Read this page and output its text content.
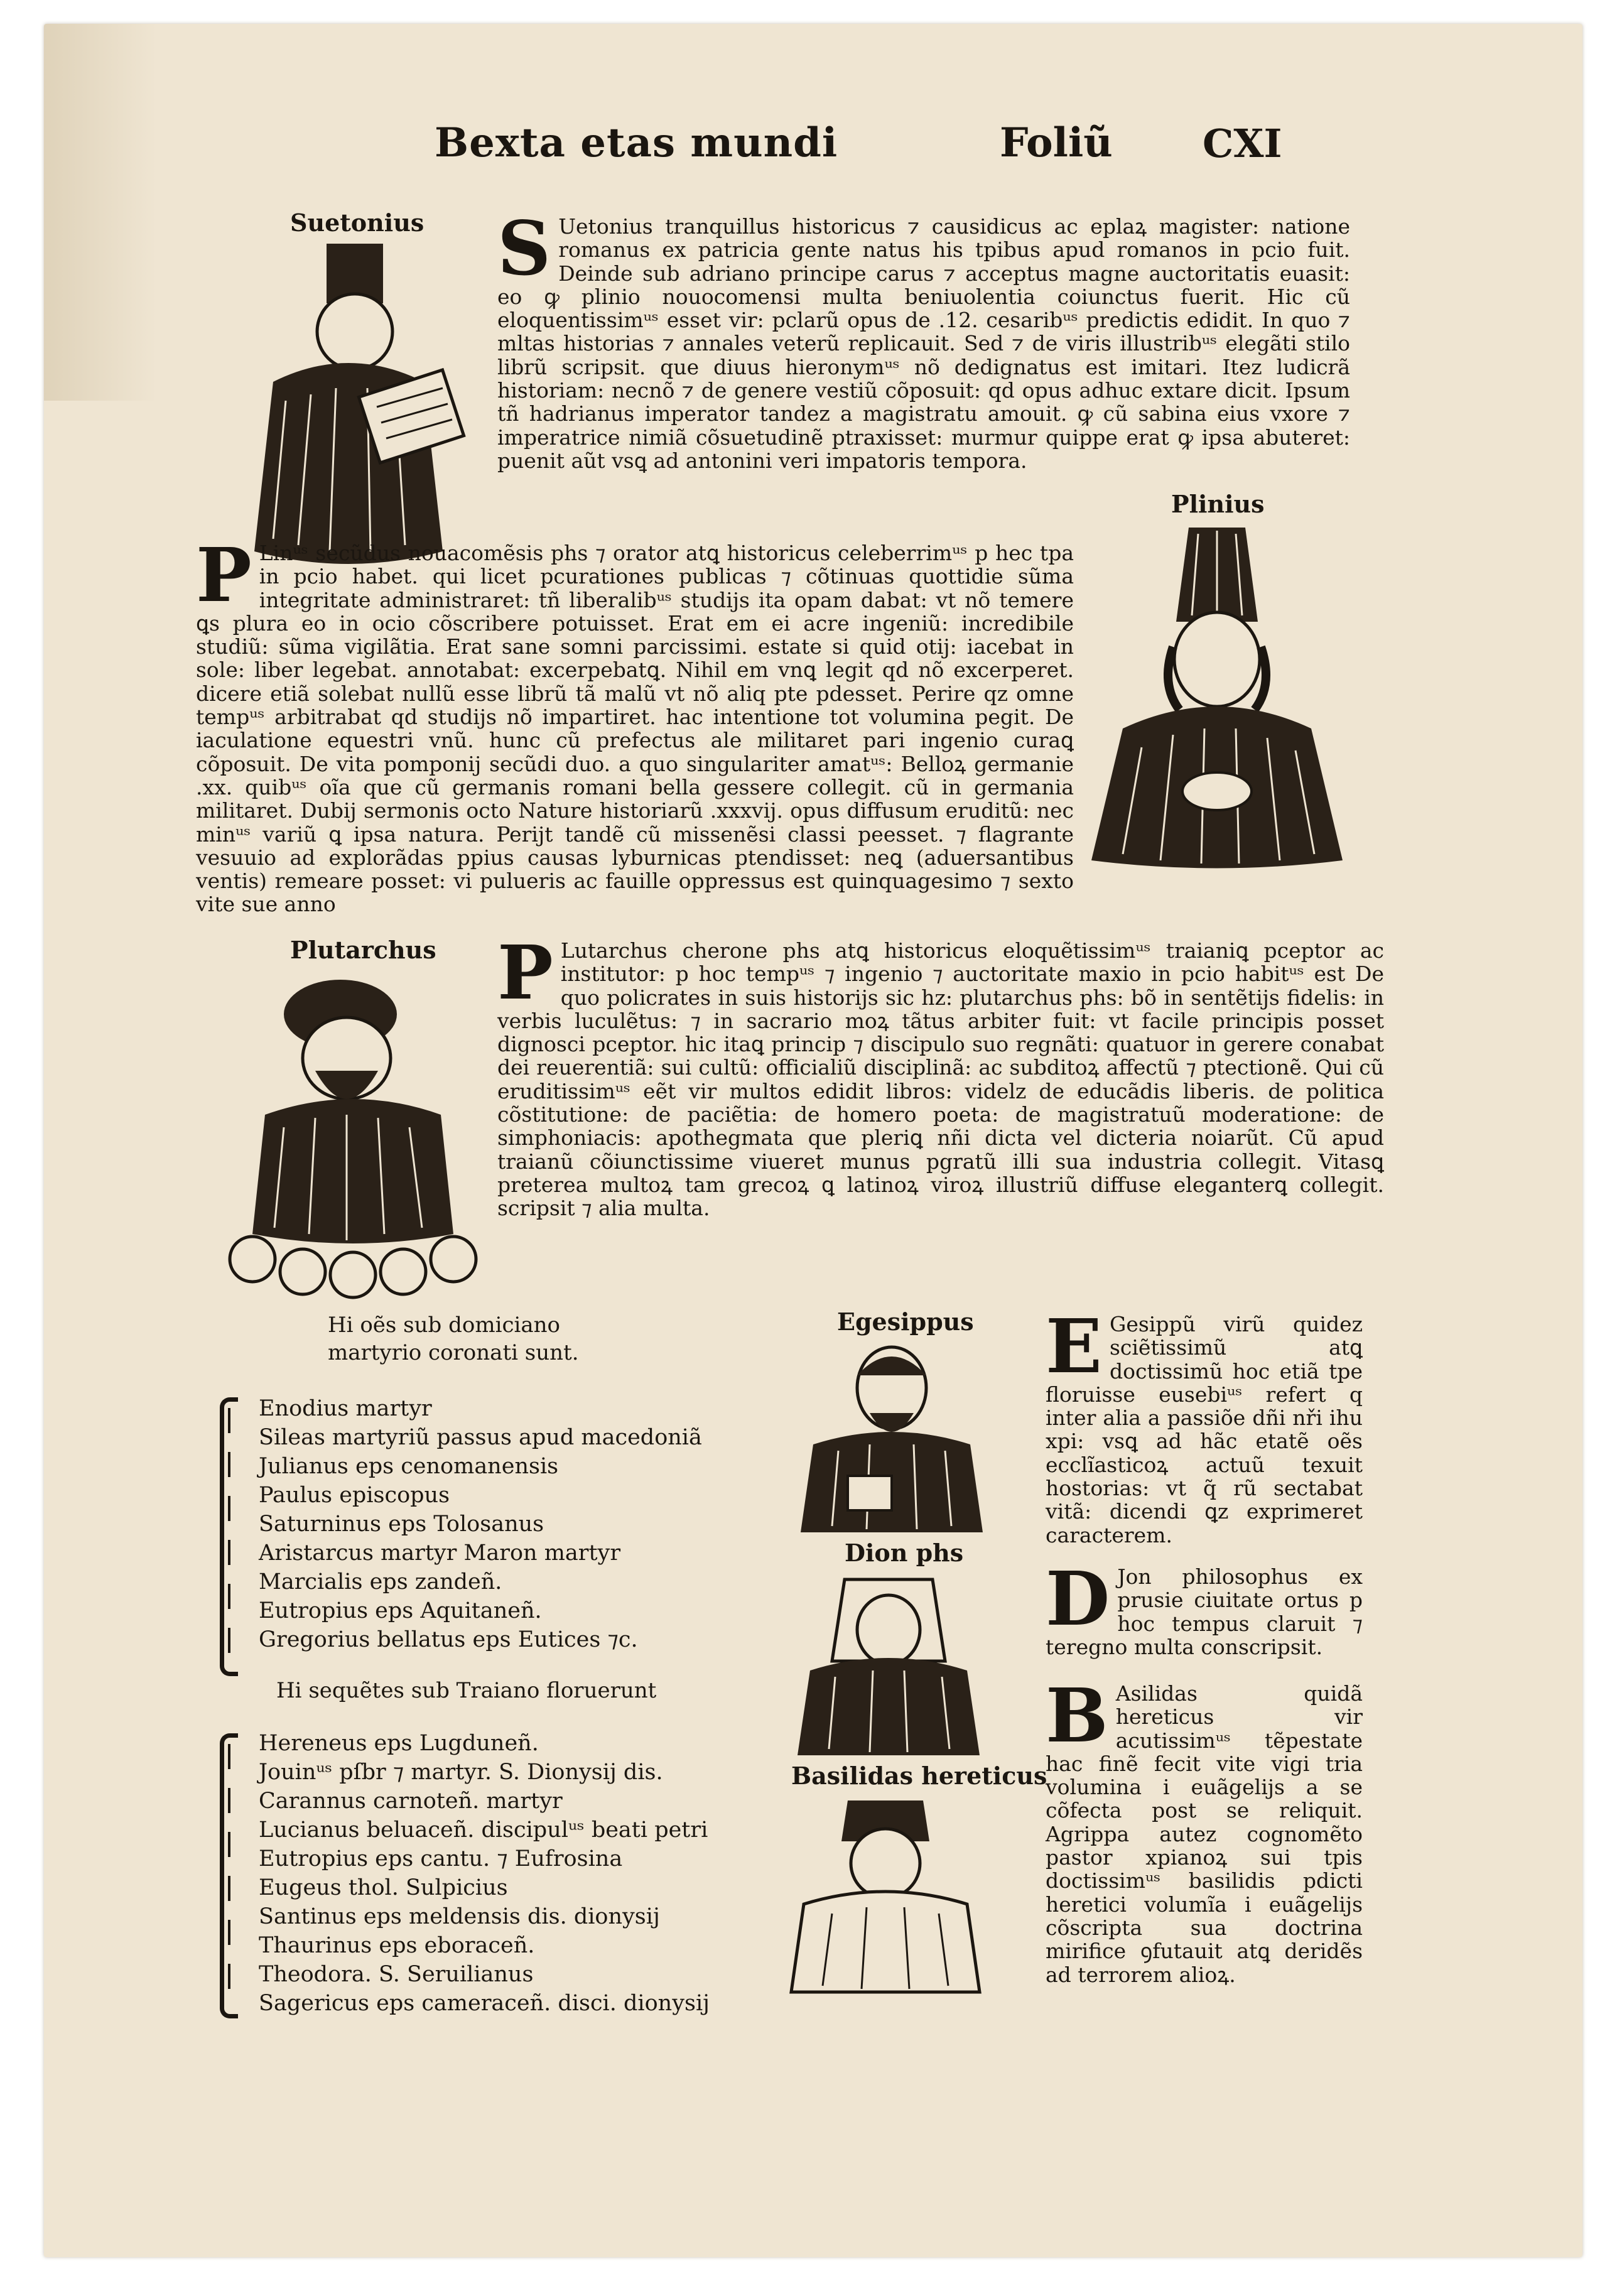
Bexta etas mundi	Foliũ CXI
Suetonius S Uetonius tranquillus historicus ⁊ causidicus ac eplaꝝ magister: natione romanus ex patricia gente natus his tpibus apud romanos in pcio fuit. Deinde sub adriano principe carus ⁊ acceptus magne auctoritatis euasit: eo ꝙ plinio nouocomensi multa beniuolentia coiunctus fuerit. Hic cũ eloquentissimᵘˢ esset vir: pclarũ opus de .12. cesaribᵘˢ predictis edidit. In quo ⁊ mltas historias ⁊ annales veterũ replicauit. Sed ⁊ de viris illustribᵘˢ elegãti stilo librũ scripsit. que diuus hieronymᵘˢ nõ dedignatus est imitari. Itez ludicrã historiam: necnõ ⁊ de genere vestiũ cõposuit: qd opus adhuc extare dicit. Ipsum tñ hadrianus imperator tandez a magistratu amouit. ꝙ cũ sabina eius vxore ⁊ imperatrice nimiã cõsuetudinẽ ptraxisset: murmur quippe erat ꝙ ipsa abuteret: puenit aũt vsꝗ ad antonini veri impatoris tempora.

Plinius

P Linᵘˢ secũdus nouacomẽsis phs ⁊ orator atꝗ historicus celeberrimᵘˢ p hec tpa in pcio habet. qui licet pcurationes publicas ⁊ cõtinuas quottidie sũma integritate administraret: tñ liberalibᵘˢ studijs ita opam dabat: vt nõ temere ꝗs plura eo in ocio cõscribere potuisset. Erat em ei acre ingeniũ: incredibile studiũ: sũma vigilãtia. Erat sane somni parcissimi. estate si quid otij: iacebat in sole: liber legebat. annotabat: excerpebatꝗ. Nihil em vnꝗ legit qd nõ excerperet. dicere etiã solebat nullũ esse librũ tã malũ vt nõ aliq pte pdesset. Perire qz omne tempᵘˢ arbitrabat qd studijs nõ impartiret. hac intentione tot volumina pegit. De iaculatione equestri vnũ. hunc cũ prefectus ale militaret pari ingenio curaꝗ cõposuit. De vita pomponij secũdi duo. a quo singulariter amatᵘˢ: Belloꝝ germanie .xx. quibᵘˢ oĩa que cũ germanis romani bella gessere collegit. cũ in germania militaret. Dubij sermonis octo Nature historiarũ .xxxvij. opus diffusum eruditũ: nec minᵘˢ variũ ꝗ ipsa natura. Perijt tandẽ cũ missenẽsi classi peesset. ⁊ flagrante vesuuio ad explorãdas ppius causas lyburnicas ptendisset: neꝗ (aduersantibus ventis) remeare posset: vi pulueris ac fauille oppressus est quinquagesimo ⁊ sexto vite sue anno

Plutarchus P Lutarchus cherone phs atꝗ historicus eloquẽtissimᵘˢ traianiꝗ pceptor ac institutor: p hoc tempᵘˢ ⁊ ingenio ⁊ auctoritate maxio in pcio habitᵘˢ est De quo policrates in suis historijs sic hz: plutarchus phs: bõ in sentẽtijs fidelis: in verbis luculẽtus: ⁊ in sacrario moꝝ tãtus arbiter fuit: vt facile principis posset dignosci pceptor. hic itaꝗ princip ⁊ discipulo suo regnãti: quatuor in gerere conabat dei reuerentiã: sui cultũ: officialiũ disciplinã: ac subditoꝝ affectũ ⁊ ptectionẽ. Qui cũ eruditissimᵘˢ eẽt vir multos edidit libros: videlz de educãdis liberis. de politica cõstitutione: de paciẽtia: de homero poeta: de magistratuũ moderatione: de simphoniacis: apothegmata que pleriꝗ nñi dicta vel dicteria noiarũt. Cũ apud traianũ cõiunctissime viueret munus pgratũ illi sua industria collegit. Vitasꝗ preterea multoꝝ tam grecoꝝ ꝗ latinoꝝ viroꝝ illustriũ diffuse eleganterꝗ collegit. scripsit ⁊ alia multa.

Hi oẽs sub domiciano
martyrio coronati sunt.
Enodius martyr
Sileas martyriũ passus apud macedoniã
Julianus eps cenomanensis
Paulus episcopus
Saturninus eps Tolosanus
Aristarcus martyr Maron martyr
Marcialis eps zandeñ.
Eutropius eps Aquitaneñ.
Gregorius bellatus eps Eutices ⁊c.
Hi sequẽtes sub Traiano floruerunt
Hereneus eps Lugduneñ.
Jouinᵘˢ pſbr ⁊ martyr. S. Dionysij dis.
Carannus carnoteñ. martyr
Lucianus beluaceñ. discipulᵘˢ beati petri
Eutropius eps cantu. ⁊ Eufrosina
Eugeus thol. Sulpicius
Santinus eps meldensis dis. dionysij
Thaurinus eps eboraceñ.
Theodora. S. Seruilianus
Sagericus eps cameraceñ. disci. dionysij
Egesippus
Dion phs
Basilidas hereticus

E Gesippũ virũ quidez sciẽtissimũ atꝗ doctissimũ hoc etiã tpe floruisse eusebiᵘˢ refert q inter alia a passiõe dñi nři ihu xpi: vsꝗ ad hãc etatẽ oẽs ecclĩasticoꝝ actuũ texuit hostorias: vt q̃ rũ sectabat vitã: dicendi ꝗz exprimeret caracterem.

D Jon philosophus ex prusie ciuitate ortus p hoc tempus claruit ⁊ teregno multa conscripsit.

B Asilidas quidã hereticus vir acutissimᵘˢ tẽpestate hac finẽ fecit vite vigi tria volumina i euãgelijs a se cõfecta post se reliquit. Agrippa autez cognomẽto pastor xpianoꝝ sui tpis doctissimᵘˢ basilidis pdicti heretici volumĩa i euãgelijs cõscripta sua doctrina mirifice ꝯfutauit atꝗ deridẽs ad terrorem alioꝝ.
